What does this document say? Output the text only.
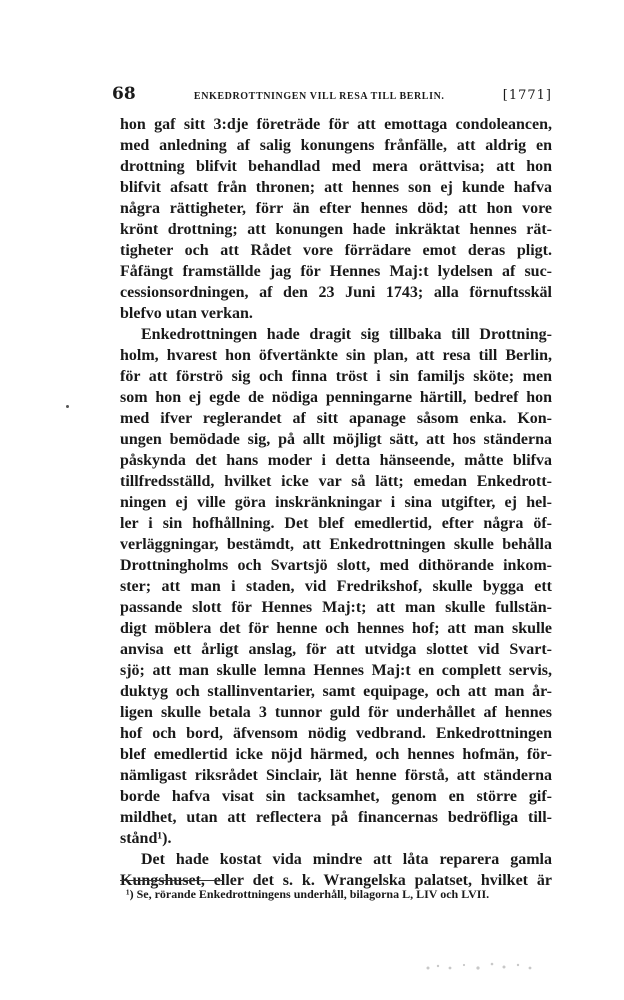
68	ENKEDROTTNINGEN VILL RESA TILL BERLIN.	[1771]
hon gaf sitt 3:dje företräde för att emottaga condoleancen,
med anledning af salig konungens frånfälle, att aldrig en
drottning blifvit behandlad med mera orättvisa; att hon
blifvit afsatt från thronen; att hennes son ej kunde hafva
några rättigheter, förr än efter hennes död; att hon vore
krönt drottning; att konungen hade inkräktat hennes rät-
tigheter och att Rådet vore förrädare emot deras pligt.
Fåfängt framställde jag för Hennes Maj:t lydelsen af suc-
cessionsordningen, af den 23 Juni 1743; alla förnuftsskäl
blefvo utan verkan.
Enkedrottningen hade dragit sig tillbaka till Drottning-
holm, hvarest hon öfvertänkte sin plan, att resa till Berlin,
för att förströ sig och finna tröst i sin familjs sköte; men
som hon ej egde de nödiga penningarne härtill, bedref hon
med ifver reglerandet af sitt apanage såsom enka. Kon-
ungen bemödade sig, på allt möjligt sätt, att hos ständerna
påskynda det hans moder i detta hänseende, måtte blifva
tillfredsställd, hvilket icke var så lätt; emedan Enkedrott-
ningen ej ville göra inskränkningar i sina utgifter, ej hel-
ler i sin hofhållning. Det blef emedlertid, efter några öf-
verläggningar, bestämdt, att Enkedrottningen skulle behålla
Drottningholms och Svartsjö slott, med dithörande inkom-
ster; att man i staden, vid Fredrikshof, skulle bygga ett
passande slott för Hennes Maj:t; att man skulle fullstän-
digt möblera det för henne och hennes hof; att man skulle
anvisa ett årligt anslag, för att utvidga slottet vid Svart-
sjö; att man skulle lemna Hennes Maj:t en complett servis,
duktyg och stallinventarier, samt equipage, och att man år-
ligen skulle betala 3 tunnor guld för underhållet af hennes
hof och bord, äfvensom nödig vedbrand. Enkedrottningen
blef emedlertid icke nöjd härmed, och hennes hofmän, för-
nämligast riksrådet Sinclair, lät henne förstå, att ständerna
borde hafva visat sin tacksamhet, genom en större gif-
mildhet, utan att reflectera på financernas bedröfliga till-
stånd¹).
Det hade kostat vida mindre att låta reparera gamla
Kungshuset, eller det s. k. Wrangelska palatset, hvilket är
¹) Se, rörande Enkedrottningens underhåll, bilagorna L, LIV och LVII.
